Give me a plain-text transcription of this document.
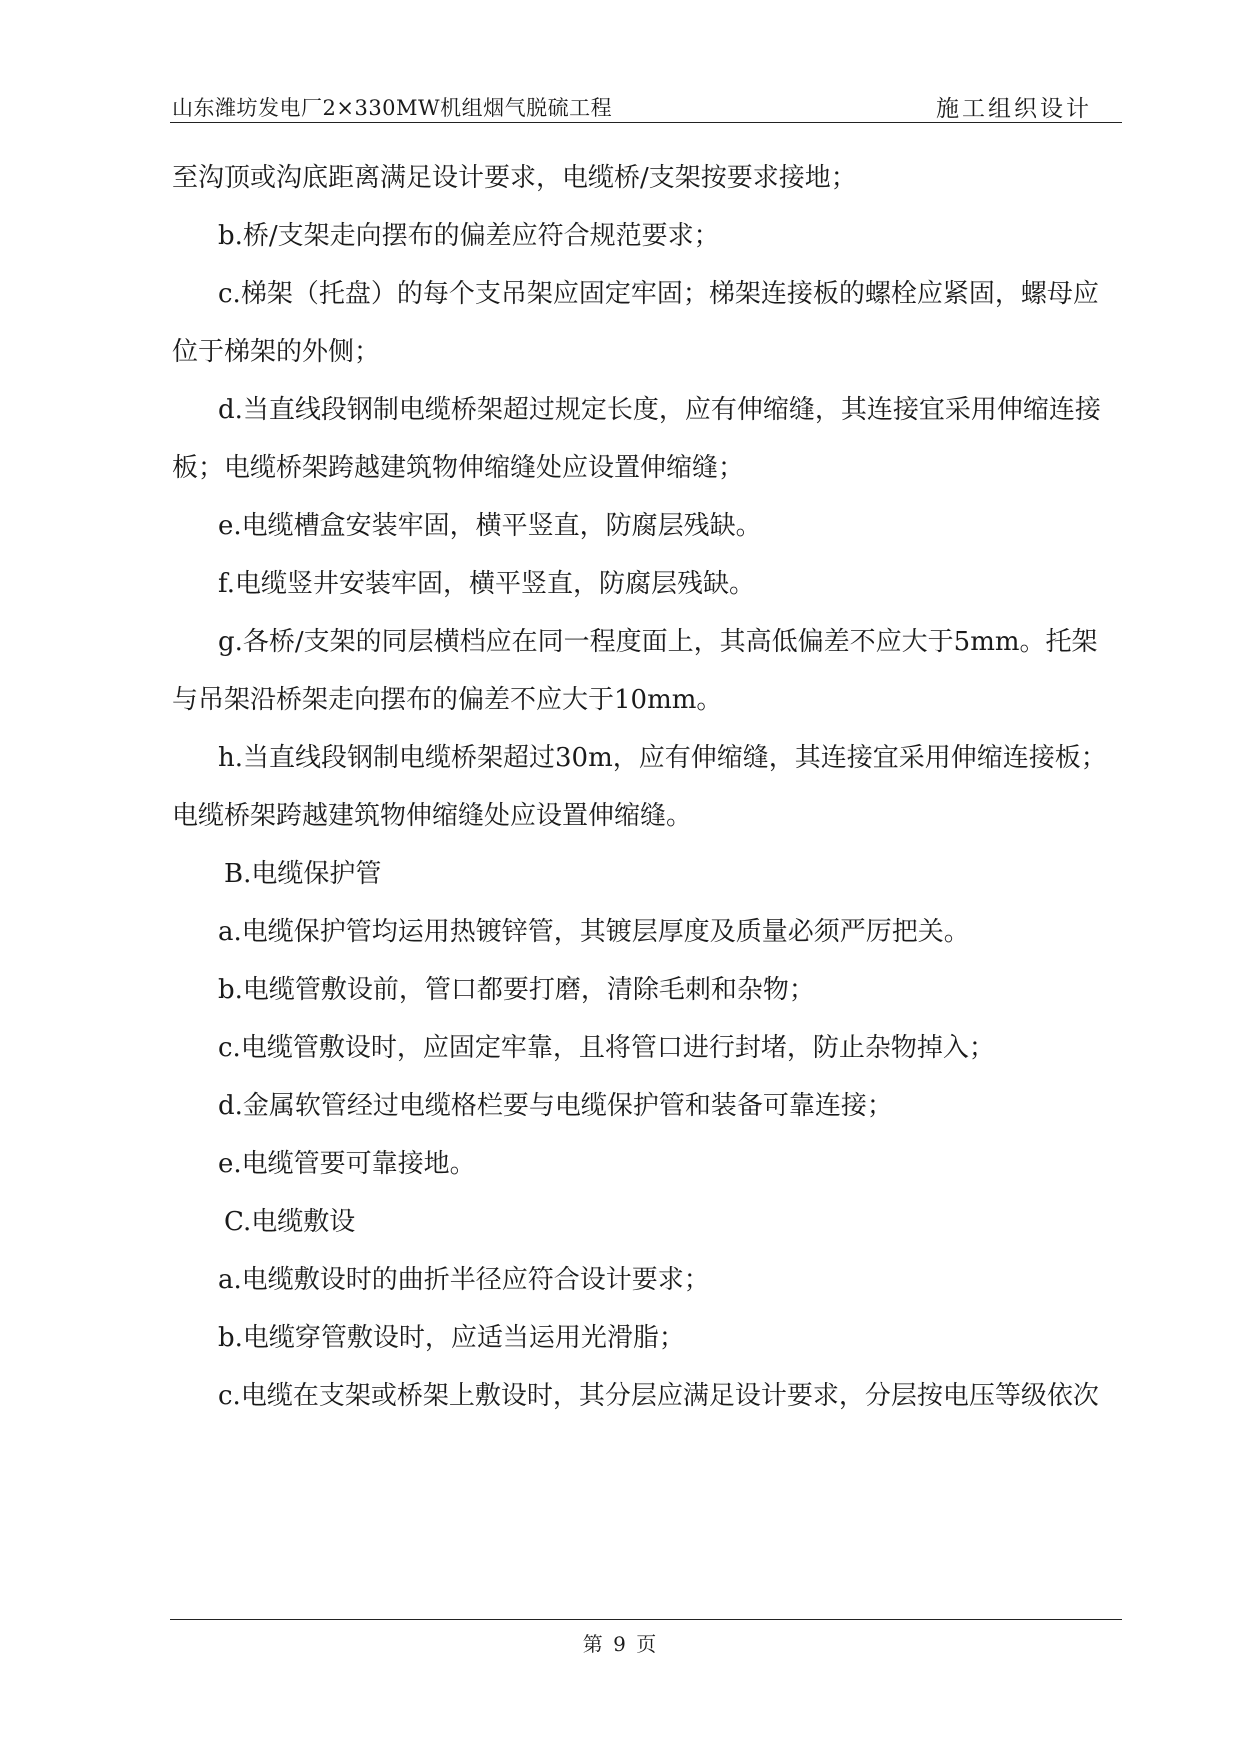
山东潍坊发电厂2×330MW机组烟气脱硫工程	施工组织设计
至沟顶或沟底距离满足设计要求，电缆桥/支架按要求接地；
b.桥/支架走向摆布的偏差应符合规范要求；
c.梯架（托盘）的每个支吊架应固定牢固；梯架连接板的螺栓应紧固，螺母应
位于梯架的外侧；
d.当直线段钢制电缆桥架超过规定长度，应有伸缩缝，其连接宜采用伸缩连接
板；电缆桥架跨越建筑物伸缩缝处应设置伸缩缝；
e.电缆槽盒安装牢固，横平竖直，防腐层残缺。
f.电缆竖井安装牢固，横平竖直，防腐层残缺。
g.各桥/支架的同层横档应在同一程度面上，其高低偏差不应大于5mm。托架
与吊架沿桥架走向摆布的偏差不应大于10mm。
h.当直线段钢制电缆桥架超过30m，应有伸缩缝，其连接宜采用伸缩连接板；
电缆桥架跨越建筑物伸缩缝处应设置伸缩缝。
B.电缆保护管
a.电缆保护管均运用热镀锌管，其镀层厚度及质量必须严厉把关。
b.电缆管敷设前，管口都要打磨，清除毛刺和杂物；
c.电缆管敷设时，应固定牢靠，且将管口进行封堵，防止杂物掉入；
d.金属软管经过电缆格栏要与电缆保护管和装备可靠连接；
e.电缆管要可靠接地。
C.电缆敷设
a.电缆敷设时的曲折半径应符合设计要求；
b.电缆穿管敷设时，应适当运用光滑脂；
c.电缆在支架或桥架上敷设时，其分层应满足设计要求，分层按电压等级依次
第 9 页
